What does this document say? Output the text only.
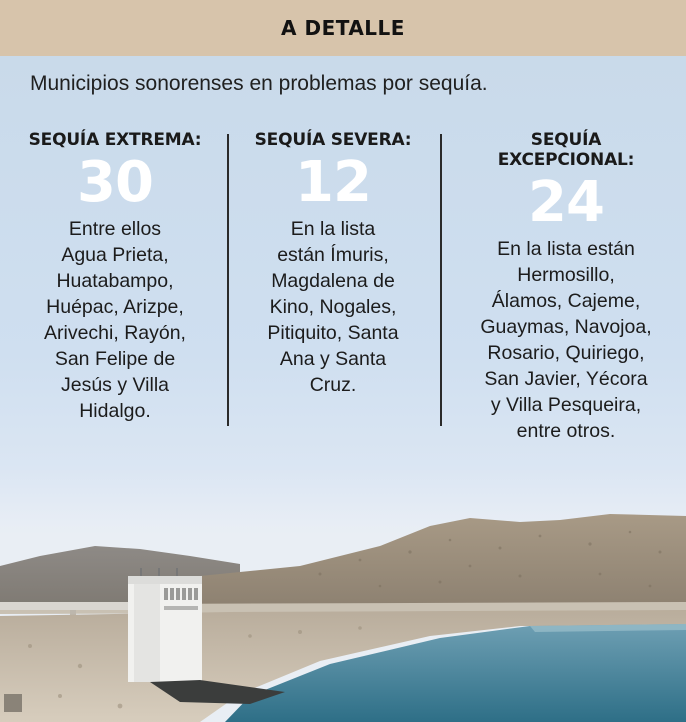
A DETALLE
Municipios sonorenses en problemas por sequía.
SEQUÍA EXTREMA:
30
Entre ellos
Agua Prieta,
Huatabampo,
Huépac, Arizpe,
Arivechi, Rayón,
San Felipe de
Jesús y Villa
Hidalgo.
SEQUÍA SEVERA:
12
En la lista
están Ímuris,
Magdalena de
Kino, Nogales,
Pitiquito, Santa
Ana y Santa
Cruz.
SEQUÍA EXCEPCIONAL:
24
En la lista están
Hermosillo,
Álamos, Cajeme,
Guaymas, Navojoa,
Rosario, Quiriego,
San Javier, Yécora
y Villa Pesqueira,
entre otros.
